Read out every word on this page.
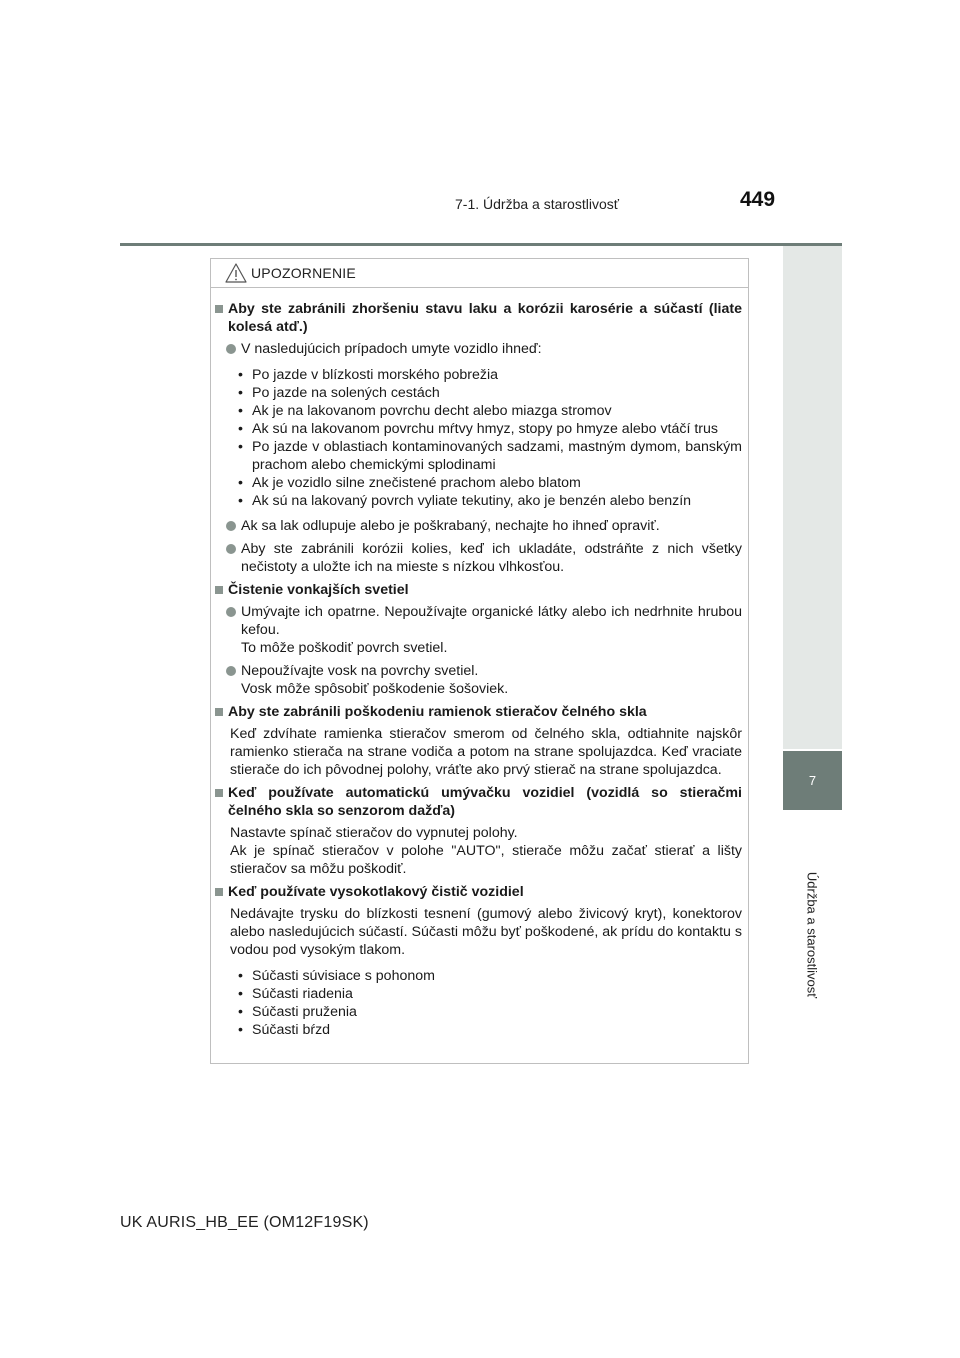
7-1. Údržba a starostlivosť	449
7
Údržba a starostlivosť
UPOZORNENIE
Aby ste zabránili zhoršeniu stavu laku a korózii karosérie a súčastí (liate kolesá atď.)
V nasledujúcich prípadoch umyte vozidlo ihneď:
• Po jazde v blízkosti morského pobrežia
• Po jazde na solených cestách
• Ak je na lakovanom povrchu decht alebo miazga stromov
• Ak sú na lakovanom povrchu mŕtvy hmyz, stopy po hmyze alebo vtáčí trus
• Po jazde v oblastiach kontaminovaných sadzami, mastným dymom, banským prachom alebo chemickými splodinami
• Ak je vozidlo silne znečistené prachom alebo blatom
• Ak sú na lakovaný povrch vyliate tekutiny, ako je benzén alebo benzín
Ak sa lak odlupuje alebo je poškrabaný, nechajte ho ihneď opraviť.
Aby ste zabránili korózii kolies, keď ich ukladáte, odstráňte z nich všetky nečistoty a uložte ich na mieste s nízkou vlhkosťou.
Čistenie vonkajších svetiel
Umývajte ich opatrne. Nepoužívajte organické látky alebo ich nedrhnite hrubou kefou.
To môže poškodiť povrch svetiel.
Nepoužívajte vosk na povrchy svetiel.
Vosk môže spôsobiť poškodenie šošoviek.
Aby ste zabránili poškodeniu ramienok stieračov čelného skla
Keď zdvíhate ramienka stieračov smerom od čelného skla, odtiahnite najskôr ramienko stierača na strane vodiča a potom na strane spolujazdca. Keď vraciate stierače do ich pôvodnej polohy, vráťte ako prvý stierač na strane spolujazdca.
Keď používate automatickú umývačku vozidiel (vozidlá so stieračmi čelného skla so senzorom dažďa)
Nastavte spínač stieračov do vypnutej polohy.
Ak je spínač stieračov v polohe "AUTO", stierače môžu začať stierať a lišty stieračov sa môžu poškodiť.
Keď používate vysokotlakový čistič vozidiel
Nedávajte trysku do blízkosti tesnení (gumový alebo živicový kryt), konektorov alebo nasledujúcich súčastí. Súčasti môžu byť poškodené, ak prídu do kontaktu s vodou pod vysokým tlakom.
• Súčasti súvisiace s pohonom
• Súčasti riadenia
• Súčasti pruženia
• Súčasti bŕzd
UK AURIS_HB_EE (OM12F19SK)
